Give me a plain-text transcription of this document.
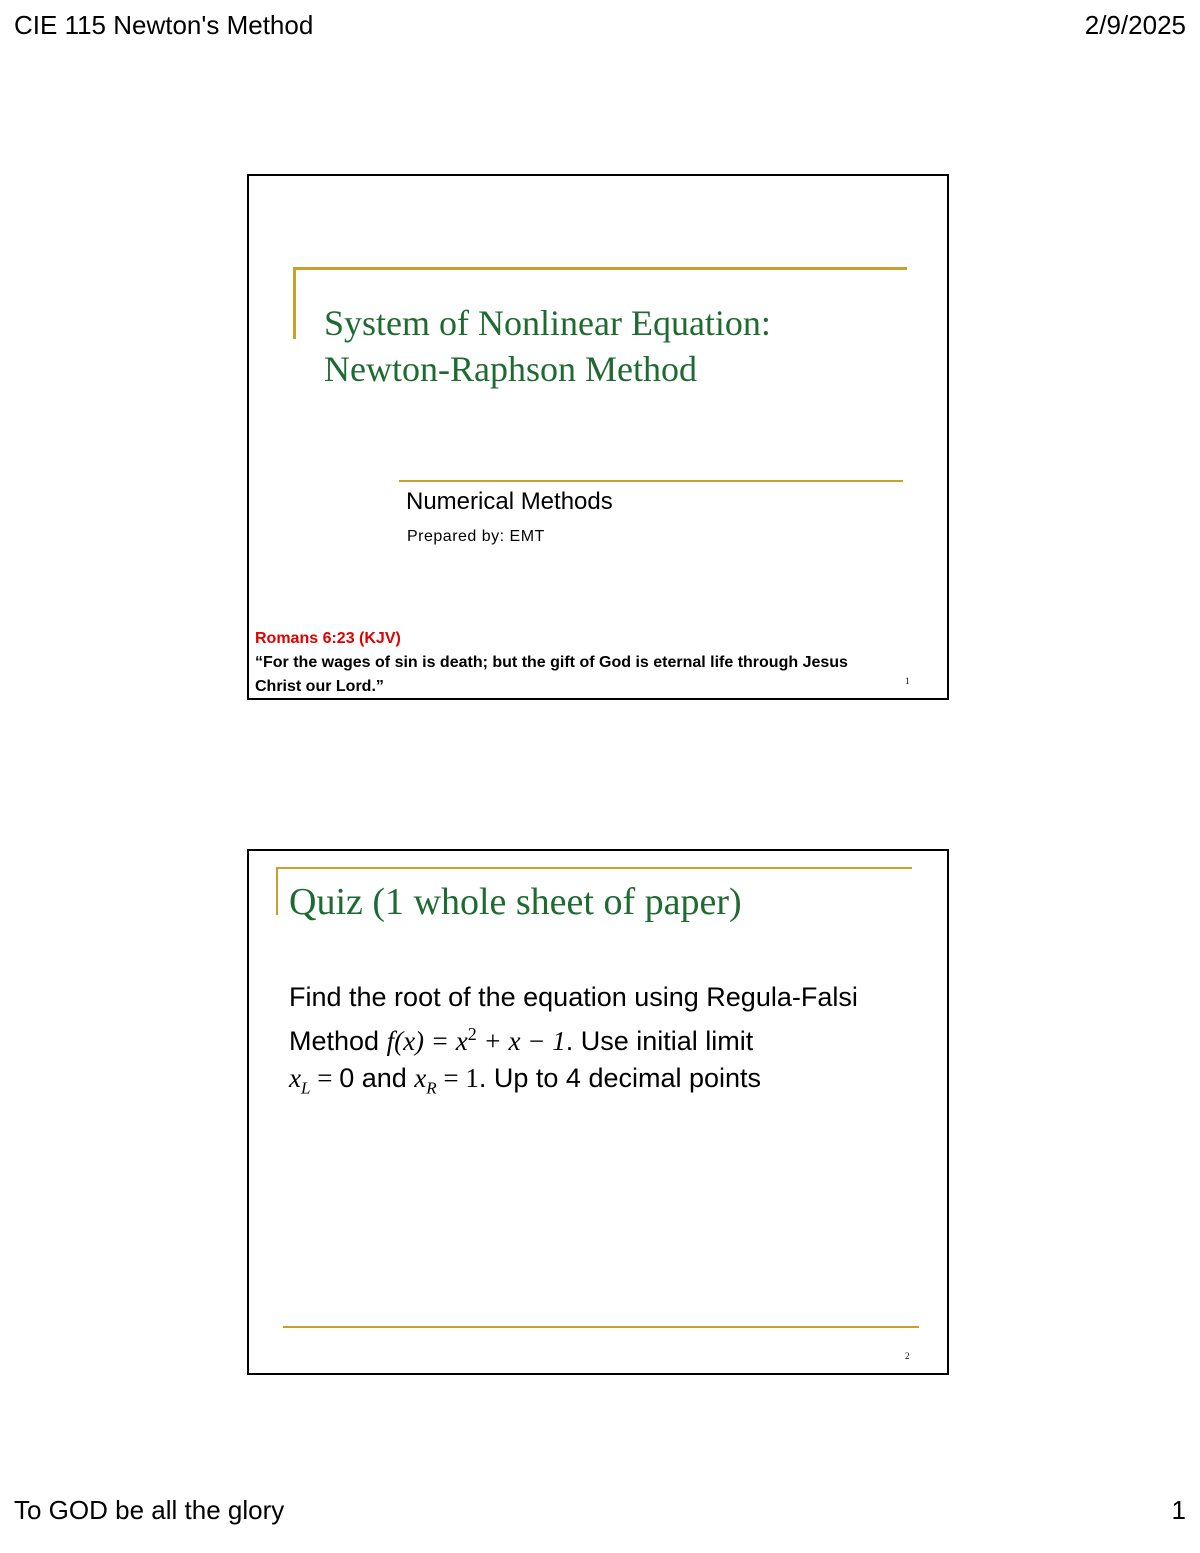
CIE 115 Newton's Method	2/9/2025
System of Nonlinear Equation:
Newton-Raphson Method
Numerical Methods
Prepared by: EMT
Romans 6:23 (KJV)
“For the wages of sin is death; but the gift of God is eternal life through Jesus
Christ our Lord.”	1
Quiz (1 whole sheet of paper)
Find the root of the equation using Regula-Falsi
Method $f(x) = x^2 + x - 1$. Use initial limit
$x_L = 0$ and $x_R = 1$. Up to 4 decimal points
2
To GOD be all the glory	1
